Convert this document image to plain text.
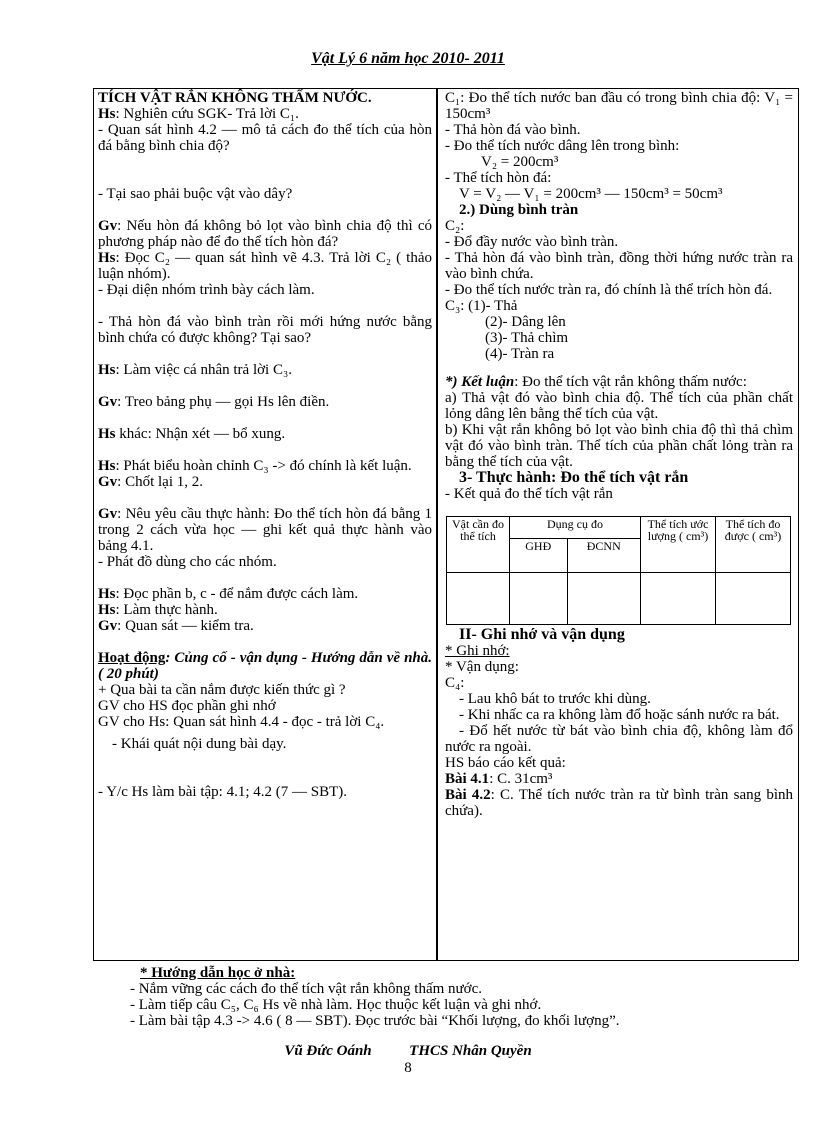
Vật Lý 6 năm học 2010- 2011

TÍCH VẬT RẮN KHÔNG THẤM NƯỚC.

Hs: Nghiên cứu SGK- Trả lời C₁.

- Quan sát hình 4.2 — mô tả cách đo thể tích của hòn đá bằng bình chia độ?

- Tại sao phải buộc vật vào dây?

Gv: Nếu hòn đá không bỏ lọt vào bình chia độ thì có phương pháp nào để đo thể tích hòn đá?

Hs: Đọc C₂ — quan sát hình vẽ 4.3. Trả lời C₂ ( thảo luận nhóm).

- Đại diện nhóm trình bày cách làm.

- Thả hòn đá vào bình tràn rồi mới hứng nước bằng bình chứa có được không? Tại sao?

Hs: Làm việc cá nhân trả lời C₃.

Gv: Treo bảng phụ — gọi Hs lên điền.

Hs khác: Nhận xét — bổ xung.

Hs: Phát biểu hoàn chỉnh C₃ -> đó chính là kết luận.

Gv: Chốt lại 1, 2.

Gv: Nêu yêu cầu thực hành: Đo thể tích hòn đá bằng 1 trong 2 cách vừa học — ghi kết quả thực hành vào bảng 4.1.

- Phát đồ dùng cho các nhóm.

Hs: Đọc phần b, c - để nắm được cách làm.

Hs: Làm thực hành.

Gv: Quan sát — kiểm tra.

Hoạt động: Củng cố - vận dụng - Hướng dẫn về nhà. ( 20 phút)

+ Qua bài ta cần nắm được kiến thức gì ?

GV cho HS đọc phần ghi nhớ

GV cho Hs: Quan sát hình 4.4 - đọc - trả lời C₄.

- Khái quát nội dung bài dạy.

- Y/c Hs làm bài tập: 4.1; 4.2 (7 — SBT).

C₁: Đo thể tích nước ban đầu có trong bình chia độ: V₁ = 150cm³

- Thả hòn đá vào bình.

- Đo thể tích nước dâng lên trong bình:

V₂ = 200cm³

- Thể tích hòn đá:

V = V₂ — V₁ = 200cm³ — 150cm³ = 50cm³

2.) Dùng bình tràn

C₂:

- Đổ đầy nước vào bình tràn.

- Thả hòn đá vào bình tràn, đồng thời hứng nước tràn ra vào bình chứa.

- Đo thể tích nước tràn ra, đó chính là thể trích hòn đá.

C₃: (1)- Thả

(2)- Dâng lên

(3)- Thả chìm

(4)- Tràn ra

*) Kết luận: Đo thể tích vật rắn không thấm nước:

a) Thả vật đó vào bình chia độ. Thể tích của phần chất lỏng dâng lên bằng thể tích của vật.

b) Khi vật rắn không bỏ lọt vào bình chia độ thì thả chìm vật đó vào bình tràn. Thể tích của phần chất lỏng tràn ra bằng thể tích của vật.

3- Thực hành: Đo thể tích vật rắn

- Kết quả đo thể tích vật rắn

Vật cần đo thể tích	Dụng cụ đo		Thể tích ước lượng ( cm³)	Thể tích đo được ( cm³)
	GHĐ	ĐCNN		

II- Ghi nhớ và vận dụng

* Ghi nhớ:

* Vận dụng:

C₄:

- Lau khô bát to trước khi dùng.

- Khi nhấc ca ra không làm đổ hoặc sánh nước ra bát.

- Đổ hết nước từ bát vào bình chia độ, không làm đổ nước ra ngoài.

HS báo cáo kết quả:

Bài 4.1: C. 31cm³

Bài 4.2: C. Thể tích nước tràn ra từ bình tràn sang bình chứa).

* Hướng dẫn học ở nhà:

- Nắm vững các cách đo thể tích vật rắn không thấm nước.

- Làm tiếp câu C₅, C₆ Hs về nhà làm. Học thuộc kết luận và ghi nhớ.

- Làm bài tập 4.3 -> 4.6 ( 8 — SBT). Đọc trước bài “Khối lượng, đo khối lượng”.

Vũ Đức Oánh	THCS Nhân Quyền
8
